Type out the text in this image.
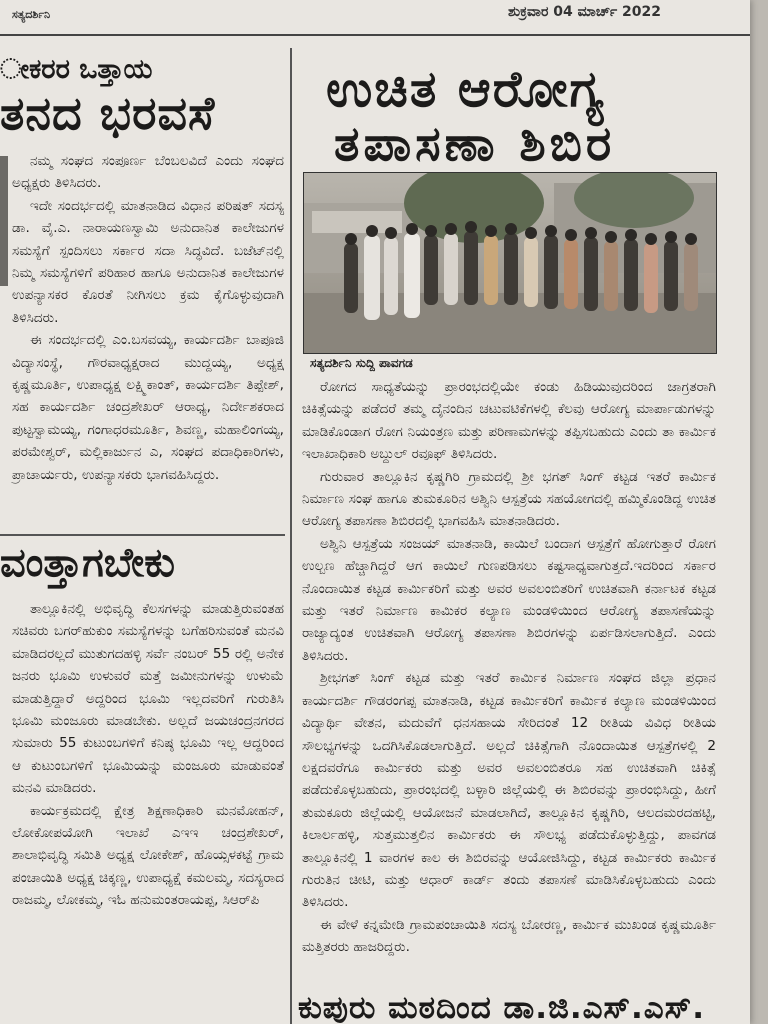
ಸತ್ಯದರ್ಶಿನಿ	ಶುಕ್ರವಾರ 04 ಮಾರ್ಚ್ 2022
ೕಕರರ ಒತ್ತಾಯ
ತನದ ಭರವಸೆ

ನಮ್ಮ ಸಂಘದ ಸಂಪೂರ್ಣ ಬೆಂಬಲವಿದೆ ಎಂದು ಸಂಘದ ಅಧ್ಯಕ್ಷರು ತಿಳಿಸಿದರು.

ಇದೇ ಸಂದರ್ಭದಲ್ಲಿ ಮಾತನಾಡಿದ ವಿಧಾನ ಪರಿಷತ್ ಸದಸ್ಯ ಡಾ. ವೈ.ಎ. ನಾರಾಯಣಸ್ವಾಮಿ ಅನುದಾನಿತ ಕಾಲೇಜುಗಳ ಸಮಸ್ಯೆಗೆ ಸ್ಪಂದಿಸಲು ಸರ್ಕಾರ ಸದಾ ಸಿದ್ಧವಿದೆ. ಬಜೆಟ್‌ನಲ್ಲಿ ನಿಮ್ಮ ಸಮಸ್ಯೆಗಳಿಗೆ ಪರಿಹಾರ ಹಾಗೂ ಅನುದಾನಿತ ಕಾಲೇಜುಗಳ ಉಪನ್ಯಾಸಕರ ಕೊರತೆ ನೀಗಿಸಲು ಕ್ರಮ ಕೈಗೊಳ್ಳುವುದಾಗಿ ತಿಳಿಸಿದರು.

ಈ ಸಂದರ್ಭದಲ್ಲಿ ಎಂ.ಬಸವಯ್ಯ, ಕಾರ್ಯದರ್ಶಿ ಬಾಪೂಜಿ ವಿದ್ಯಾಸಂಸ್ಥೆ, ಗೌರವಾಧ್ಯಕ್ಷರಾದ ಮುದ್ದಯ್ಯ, ಅಧ್ಯಕ್ಷ ಕೃಷ್ಣಮೂರ್ತಿ, ಉಪಾಧ್ಯಕ್ಷ ಲಕ್ಷ್ಮಿಕಾಂತ್, ಕಾರ್ಯದರ್ಶಿ ತಿಪ್ಪೇಶ್, ಸಹ ಕಾರ್ಯದರ್ಶಿ ಚಂದ್ರಶೇಖರ್ ಆರಾಧ್ಯ, ನಿರ್ದೇಶಕರಾದ ಪುಟ್ಟಸ್ವಾಮಯ್ಯ, ಗಂಗಾಧರಮೂರ್ತಿ, ಶಿವಣ್ಣ, ಮಹಾಲಿಂಗಯ್ಯ, ಪರಮೇಶ್ವರ್, ಮಲ್ಲಿಕಾರ್ಜುನ ಎ, ಸಂಘದ ಪದಾಧಿಕಾರಿಗಳು, ಪ್ರಾಚಾರ್ಯರು, ಉಪನ್ಯಾಸಕರು ಭಾಗವಹಿಸಿದ್ದರು.

ವಂತ್ತಾಗಬೇಕು

ತಾಲ್ಲೂಕಿನಲ್ಲಿ ಅಭಿವೃದ್ಧಿ ಕೆಲಸಗಳನ್ನು ಮಾಡುತ್ತಿರುವಂತಹ ಸಚಿವರು ಬಗರ್‌ಹುಕುಂ ಸಮಸ್ಯೆಗಳನ್ನು ಬಗೆಹರಿಸುವಂತೆ ಮನವಿ ಮಾಡಿದರಲ್ಲದೆ ಮುತುಗದಹಳ್ಳಿ ಸರ್ವೆ ನಂಬರ್ 55 ರಲ್ಲಿ ಅನೇಕ ಜನರು ಭೂಮಿ ಉಳುವರೆ ಮತ್ತೆ ಜಮೀನುಗಳನ್ನು ಉಳುಮೆ ಮಾಡುತ್ತಿದ್ದಾರೆ ಅದ್ದರಿಂದ ಭೂಮಿ ಇಲ್ಲದವರಿಗೆ ಗುರುತಿಸಿ ಭೂಮಿ ಮಂಜೂರು ಮಾಡಬೇಕು. ಅಲ್ಲದೆ ಜಯಚಂದ್ರನಗರದ ಸುಮಾರು 55 ಕುಟುಂಬಗಳಿಗೆ ಕನಿಷ್ಠ ಭೂಮಿ ಇಲ್ಲ ಆದ್ದರಿಂದ ಆ ಕುಟುಂಬಗಳಿಗೆ ಭೂಮಿಯನ್ನು ಮಂಜೂರು ಮಾಡುವಂತೆ ಮನವಿ ಮಾಡಿದರು.

ಕಾರ್ಯಕ್ರಮದಲ್ಲಿ ಕ್ಷೇತ್ರ ಶಿಕ್ಷಣಾಧಿಕಾರಿ ಮನಮೋಹನ್, ಲೋಕೋಪಯೋಗಿ ಇಲಾಖೆ ಎಇಇ ಚಂದ್ರಶೇಖರ್, ಶಾಲಾಭಿವೃದ್ಧಿ ಸಮಿತಿ ಅಧ್ಯಕ್ಷ ಲೋಕೇಶ್, ಹೊಯ್ಸಳಕಟ್ಟೆ ಗ್ರಾಮ ಪಂಚಾಯಿತಿ ಅಧ್ಯಕ್ಷ ಚಿಕ್ಕಣ್ಣ, ಉಪಾಧ್ಯಕ್ಷೆ ಕಮಲಮ್ಮ, ಸದಸ್ಯರಾದ ರಾಜಮ್ಮ, ಲೋಕಮ್ಮ, ಇಓ ಹನುಮಂತರಾಯಪ್ಪ, ಸಿಆರ್‌ಪಿ

ಉಚಿತ ಆರೋಗ್ಯ
ತಪಾಸಣಾ ಶಿಬಿರ
ಸತ್ಯದರ್ಶಿನಿ ಸುದ್ದಿ ಪಾವಗಡ

ರೋಗದ ಸಾಧ್ಯತೆಯನ್ನು ಪ್ರಾರಂಭದಲ್ಲಿಯೇ ಕಂಡು ಹಿಡಿಯುವುದರಿಂದ ಜಾಗ್ರತರಾಗಿ ಚಿಕಿತ್ಸೆಯನ್ನು ಪಡೆದರೆ ತಮ್ಮ ದೈನಂದಿನ ಚಟುವಟಿಕೆಗಳಲ್ಲಿ ಕೆಲವು ಆರೋಗ್ಯ ಮಾರ್ಪಾಡುಗಳನ್ನು ಮಾಡಿಕೊಂಡಾಗ ರೋಗ ನಿಯಂತ್ರಣ ಮತ್ತು ಪರಿಣಾಮಗಳನ್ನು ತಪ್ಪಿಸಬಹುದು ಎಂದು ತಾ ಕಾರ್ಮಿಕ ಇಲಾಖಾಧಿಕಾರಿ ಅಬ್ದುಲ್ ರವೂಫ್ ತಿಳಿಸಿದರು.

ಗುರುವಾರ ತಾಲ್ಲೂಕಿನ ಕೃಷ್ಣಗಿರಿ ಗ್ರಾಮದಲ್ಲಿ ಶ್ರೀ ಭಗತ್ ಸಿಂಗ್ ಕಟ್ಟಡ ಇತರೆ ಕಾರ್ಮಿಕ ನಿರ್ಮಾಣ ಸಂಘ ಹಾಗೂ ತುಮಕೂರಿನ ಅಶ್ವಿನಿ ಆಸ್ಪತ್ರೆಯ ಸಹಯೋಗದಲ್ಲಿ ಹಮ್ಮಿಕೊಂಡಿದ್ದ ಉಚಿತ ಆರೋಗ್ಯ ತಪಾಸಣಾ ಶಿಬಿರದಲ್ಲಿ ಭಾಗವಹಿಸಿ ಮಾತನಾಡಿದರು.

ಅಶ್ವಿನಿ ಆಸ್ಪತ್ರೆಯ ಸಂಜಯ್ ಮಾತನಾಡಿ, ಕಾಯಿಲೆ ಬಂದಾಗ ಆಸ್ಪತ್ರೆಗೆ ಹೋಗುತ್ತಾರೆ ರೋಗ ಉಲ್ಬಣ ಹೆಚ್ಚಾಗಿದ್ದರೆ ಆಗ ಕಾಯಿಲೆ ಗುಣಪಡಿಸಲು ಕಷ್ಟಸಾಧ್ಯವಾಗುತ್ತದೆ.ಇದರಿಂದ ಸರ್ಕಾರ ನೊಂದಾಯಿತ ಕಟ್ಟಡ ಕಾರ್ಮಿಕರಿಗೆ ಮತ್ತು ಅವರ ಅವಲಂಬಿತರಿಗೆ ಉಚಿತವಾಗಿ ಕರ್ನಾಟಕ ಕಟ್ಟಡ ಮತ್ತು ಇತರೆ ನಿರ್ಮಾಣ ಕಾಮಿಕರ ಕಲ್ಯಾಣ ಮಂಡಳಿಯಿಂದ ಆರೋಗ್ಯ ತಪಾಸಣೆಯನ್ನು ರಾಜ್ಯಾದ್ಯಂತ ಉಚಿತವಾಗಿ ಆರೋಗ್ಯ ತಪಾಸಣಾ ಶಿಬಿರಗಳನ್ನು ಏರ್ಪಡಿಸಲಾಗುತ್ತಿದೆ. ಎಂದು ತಿಳಿಸಿದರು.

ಶ್ರೀಭಗತ್ ಸಿಂಗ್ ಕಟ್ಟಡ ಮತ್ತು ಇತರೆ ಕಾರ್ಮಿಕ ನಿರ್ಮಾಣ ಸಂಘದ ಜಿಲ್ಲಾ ಪ್ರಧಾನ ಕಾರ್ಯದರ್ಶಿ ಗೌಡರಂಗಪ್ಪ ಮಾತನಾಡಿ, ಕಟ್ಟಡ ಕಾರ್ಮಿಕರಿಗೆ ಕಾರ್ಮಿಕ ಕಲ್ಯಾಣ ಮಂಡಳಿಯಿಂದ ವಿದ್ಯಾರ್ಥಿ ವೇತನ, ಮದುವೆಗೆ ಧನಸಹಾಯ ಸೇರಿದಂತೆ 12 ರೀತಿಯ ವಿವಿಧ ರೀತಿಯ ಸೌಲಭ್ಯಗಳನ್ನು ಒದಗಿಸಿಕೊಡಲಾಗುತ್ತಿದೆ. ಅಲ್ಲದೆ ಚಿಕಿತ್ಸೆಗಾಗಿ ನೊಂದಾಯಿತ ಆಸ್ಪತ್ರೆಗಳಲ್ಲಿ 2 ಲಕ್ಷದವರೆಗೂ ಕಾರ್ಮಿಕರು ಮತ್ತು ಅವರ ಅವಲಂಬಿತರೂ ಸಹ ಉಚಿತವಾಗಿ ಚಿಕಿತ್ಸೆ ಪಡೆದುಕೊಳ್ಳಬಹುದು, ಪ್ರಾರಂಭದಲ್ಲಿ ಬಳ್ಳಾರಿ ಜಿಲ್ಲೆಯಲ್ಲಿ ಈ ಶಿಬಿರವನ್ನು ಪ್ರಾರಂಭಿಸಿದ್ದು, ಹೀಗೆ ತುಮಕೂರು ಜಿಲ್ಲೆಯಲ್ಲಿ ಆಯೋಜನೆ ಮಾಡಲಾಗಿದೆ, ತಾಲ್ಲೂಕಿನ ಕೃಷ್ಣಗಿರಿ, ಆಲದಮರದಹಟ್ಟಿ, ಕಿಲಾರ್ಲಹಳ್ಳಿ, ಸುತ್ತಮುತ್ತಲಿನ ಕಾರ್ಮಿಕರು ಈ ಸೌಲಭ್ಯ ಪಡೆದುಕೊಳ್ಳುತ್ತಿದ್ದು, ಪಾವಗಡ ತಾಲ್ಲೂಕಿನಲ್ಲಿ 1 ವಾರಗಳ ಕಾಲ ಈ ಶಿಬಿರವನ್ನು ಆಯೋಜಿಸಿದ್ದು, ಕಟ್ಟಡ ಕಾರ್ಮಿಕರು ಕಾರ್ಮಿಕ ಗುರುತಿನ ಚೀಟಿ, ಮತ್ತು ಆಧಾರ್ ಕಾರ್ಡ್ ತಂದು ತಪಾಸಣೆ ಮಾಡಿಸಿಕೊಳ್ಳಬಹುದು ಎಂದು ತಿಳಿಸಿದರು.

ಈ ವೇಳೆ ಕನ್ನಮೇಡಿ ಗ್ರಾಮಪಂಚಾಯಿತಿ ಸದಸ್ಯ ಬೋರಣ್ಣ, ಕಾರ್ಮಿಕ ಮುಖಂಡ ಕೃಷ್ಣಮೂರ್ತಿ ಮತ್ತಿತರರು ಹಾಜರಿದ್ದರು.

ಕುಪುರು ಮಠದಿಂದ ಡಾ.ಜಿ.ಎಸ್.ಎಸ್.
